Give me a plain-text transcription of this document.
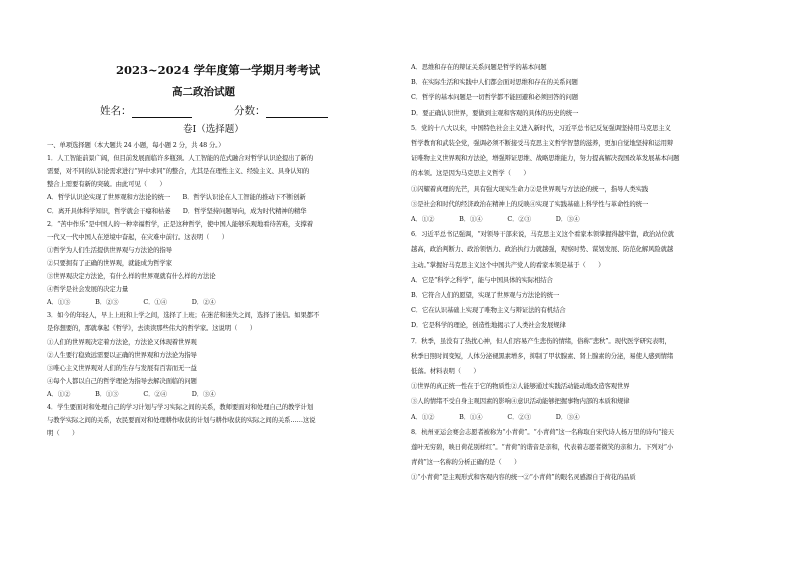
2023~2024 学年度第一学期月考考试
高二政治试题
姓名：	分数：
卷Ⅰ（选择题）
一、单项选择题（本大题共 24 小题，每小题 2 分，共 48 分。）
1．人工智能前景广阔，但目前发展面临许多瓶颈。人工智能的范式融合对哲学认识论提出了新的
需要，对不同的认识论需求进行“异中求同”的整合，尤其是在理性主义、经验主义、具身认知的
整合上需要有新的突破。由此可见（　　）
A．哲学认识论实现了世界观和方法论的统一　　B．哲学认识论在人工智能的推动下不断创新
C．离开具体科学知识，哲学就会干瘪和枯萎　　D．哲学坚持问题导向，成为时代精神的精华
2．“苦中作乐”是中国人的一种幸福哲学，正是这种哲学，使中国人能够乐观地看待苦难，支撑着
一代又一代中国人在逆境中奋起，在灾难中前行。这表明（　　）
①哲学为人们生活提供世界观与方法论的指导
②只要拥有了正确的世界观，就能成为哲学家
③世界观决定方法论，有什么样的世界观就有什么样的方法论
④哲学是社会发展的决定力量
A．①③　　　　B．②③　　　　C．①④　　　　D．②④
3．如今的年轻人，早上上班和上学之间，选择了上班；在迷茫和迷失之间，选择了迷信。如果都不
是你想要的，那就拿起《哲学》，去读读那些伟大的哲学家。这说明（　　）
①人们的世界观决定着方法论，方法论又体现着世界观
②人生要行稳致远需要以正确的世界观和方法论为指导
③唯心主义世界观对人们的生存与发展有百害而无一益
④每个人都以自己的哲学理论为指导去解决面临的问题
A．①②　　　　B．①③　　　　C．②④　　　　D．③④
4．学生要面对和处理自己的学习计划与学习实际之间的关系，教师要面对和处理自己的教学计划
与教学实际之间的关系，农民要面对和处理耕作收获的计划与耕作收获的实际之间的关系……这说
明（　　）
A．思维和存在的辩证关系问题是哲学的基本问题
B．在实际生活和实践中人们都会面对思维和存在的关系问题
C．哲学的基本问题是一切哲学都不能回避和必须回答的问题
D．要正确认识世界，要做到主观和客观的具体的历史的统一
5．党的十八大以来，中国特色社会主义进入新时代，习近平总书记反复强调坚持用马克思主义
哲学教育和武装全党，强调必须不断接受马克思主义哲学智慧的滋养，更加自觉地坚持和运用辩
证唯物主义世界观和方法论，增强辩证思维、战略思维能力，努力提高解决我国改革发展基本问题
的本领。这是因为马克思主义哲学（　　）
①闪耀着真理的光芒，具有强大现实生命力②是世界观与方法论的统一，指导人类实践
③是社会和时代的经济政治在精神上的反映④实现了实践基础上科学性与革命性的统一
A．①②　　　　B．①④　　　　C．②③　　　　D．③④
6．习近平总书记强调，“对领导干部来说，马克思主义这个看家本领掌握得越牢靠，政治站位就
越高，政治判断力、政治领悟力、政治执行力就越强，观察时势、谋划发展、防范化解风险就越
主动。”掌握好马克思主义这个中国共产党人的看家本领是基于（　　）
A．它是“科学之科学”，能与中国具体的实际相结合
B．它符合人们的愿望，实现了世界观与方法论的统一
C．它在认识基础上实现了唯物主义与辩证法的有机结合
D．它是科学的理论，创造性地揭示了人类社会发展规律
7．秋季，虽没有了热扰心神，但人们容易产生悲伤的情绪，俗称“悲秋”。现代医学研究表明，
秋季日照时间变短，人体分泌褪黑素增多，抑制了甲状腺素、肾上腺素的分泌，易使人感到情绪
低落。材料表明（　　）
①世界的真正统一性在于它的物质性②人能够通过实践活动能动地改造客观世界
③人的情绪不受自身主观因素的影响④意识活动能够把握事物内部的本质和规律
A．①②　　　　B．①④　　　　C．②③　　　　D．③④
8．杭州亚运会赛会志愿者被称为“小青荷”。“小青荷”这一名称取自宋代诗人杨万里的诗句“接天
莲叶无穷碧，映日荷花别样红”。“青荷”的谐音是亲和，代表着志愿者微笑的亲和力。下列对“小
青荷”这一名称的分析正确的是（　　）
①“小青荷”是主观形式和客观内容的统一②“小青荷”的眼名灵感源自于荷花的品质
